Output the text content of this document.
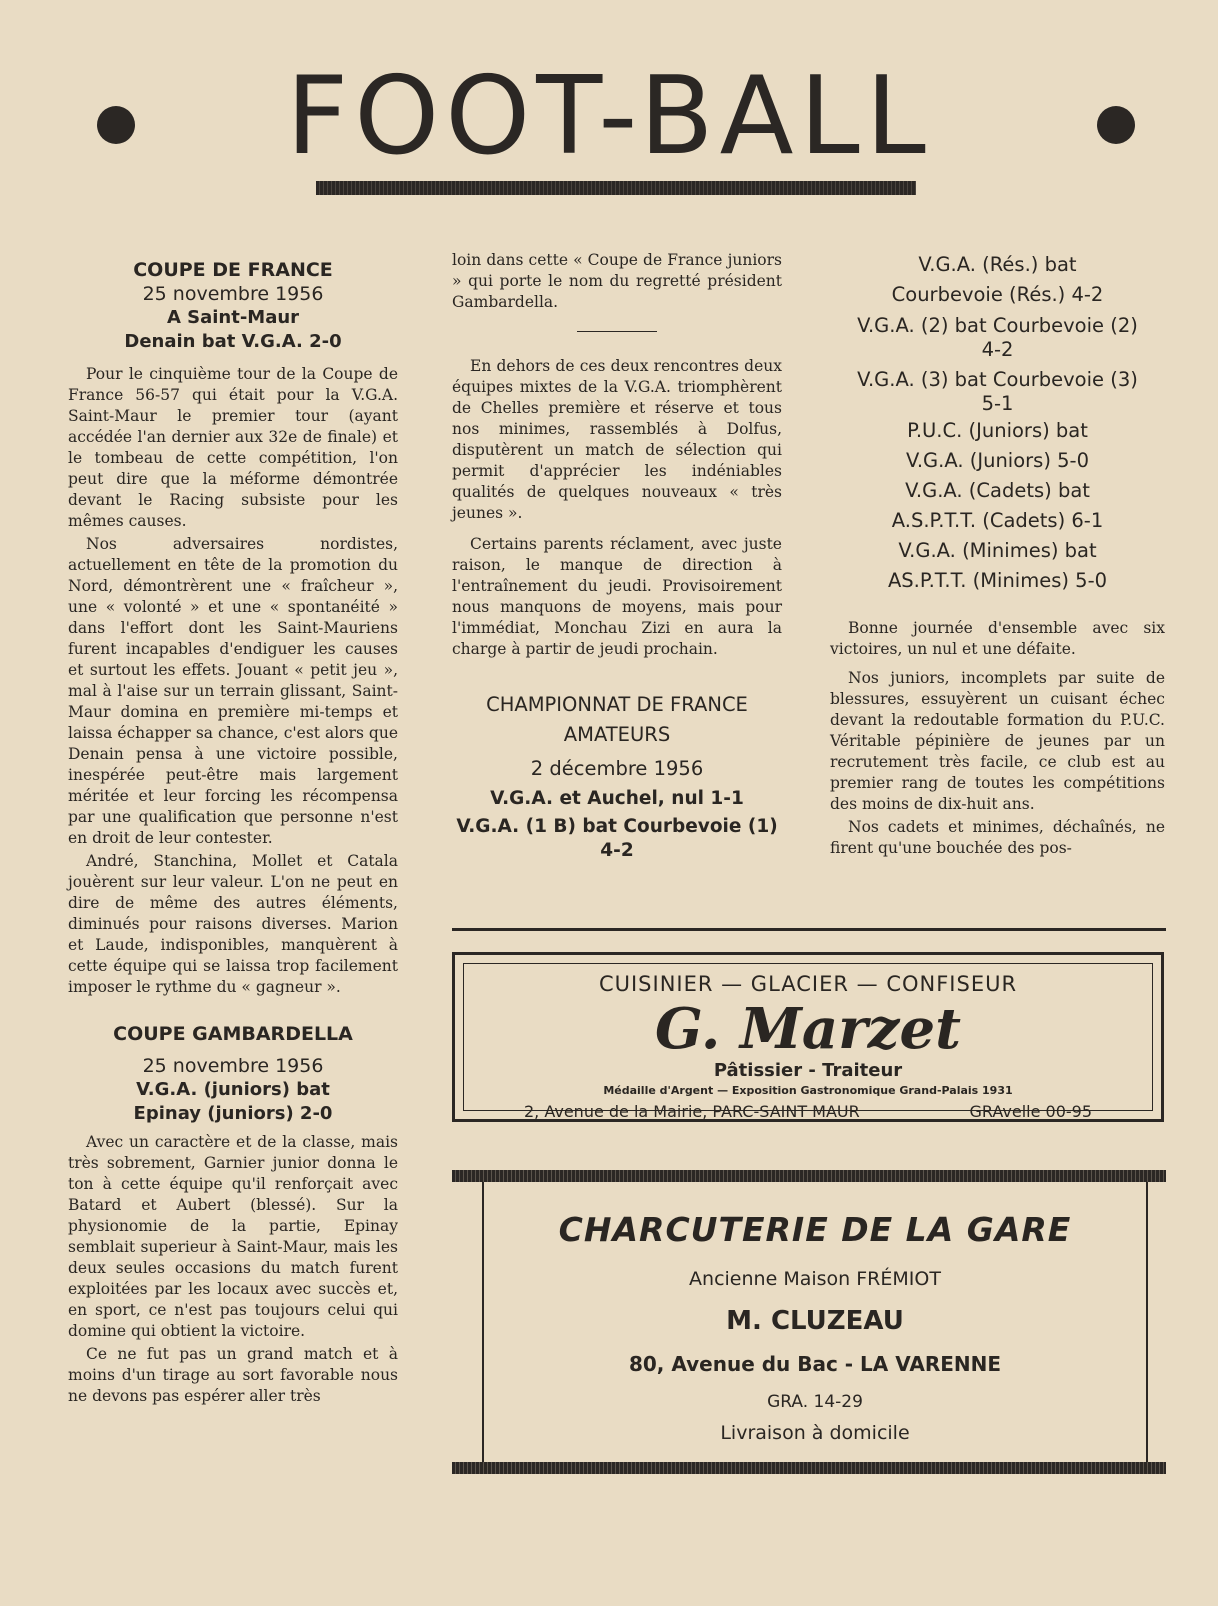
FOOT-BALL
COUPE DE FRANCE
25 novembre 1956
A Saint-Maur
Denain bat V.G.A. 2-0

Pour le cinquième tour de la Coupe de France 56-57 qui était pour la V.G.A. Saint-Maur le premier tour (ayant accédée l'an dernier aux 32e de finale) et le tombeau de cette compétition, l'on peut dire que la méforme démontrée devant le Racing subsiste pour les mêmes causes.

Nos adversaires nordistes, actuellement en tête de la promotion du Nord, démontrèrent une « fraîcheur », une « volonté » et une « spontanéité » dans l'effort dont les Saint-Mauriens furent incapables d'endiguer les causes et surtout les effets. Jouant « petit jeu », mal à l'aise sur un terrain glissant, Saint-Maur domina en première mi-temps et laissa échapper sa chance, c'est alors que Denain pensa à une victoire possible, inespérée peut-être mais largement méritée et leur forcing les récompensa par une qualification que personne n'est en droit de leur contester.

André, Stanchina, Mollet et Catala jouèrent sur leur valeur. L'on ne peut en dire de même des autres éléments, diminués pour raisons diverses. Marion et Laude, indisponibles, manquèrent à cette équipe qui se laissa trop facilement imposer le rythme du « gagneur ».

COUPE GAMBARDELLA
25 novembre 1956
V.G.A. (juniors) bat
Epinay (juniors) 2-0

Avec un caractère et de la classe, mais très sobrement, Garnier junior donna le ton à cette équipe qu'il renforçait avec Batard et Aubert (blessé). Sur la physionomie de la partie, Epinay semblait superieur à Saint-Maur, mais les deux seules occasions du match furent exploitées par les locaux avec succès et, en sport, ce n'est pas toujours celui qui domine qui obtient la victoire.

Ce ne fut pas un grand match et à moins d'un tirage au sort favorable nous ne devons pas espérer aller très

loin dans cette « Coupe de France juniors » qui porte le nom du regretté président Gambardella.

En dehors de ces deux rencontres deux équipes mixtes de la V.G.A. triomphèrent de Chelles première et réserve et tous nos minimes, rassemblés à Dolfus, disputèrent un match de sélection qui permit d'apprécier les indéniables qualités de quelques nouveaux « très jeunes ».

Certains parents réclament, avec juste raison, le manque de direction à l'entraînement du jeudi. Provisoirement nous manquons de moyens, mais pour l'immédiat, Monchau Zizi en aura la charge à partir de jeudi prochain.

CHAMPIONNAT DE FRANCE
AMATEURS
2 décembre 1956
V.G.A. et Auchel, nul 1-1
V.G.A. (1 B) bat Courbevoie (1)
4-2
V.G.A. (Rés.) bat
Courbevoie (Rés.) 4-2
V.G.A. (2) bat Courbevoie (2)
4-2
V.G.A. (3) bat Courbevoie (3)
5-1
P.U.C. (Juniors) bat
V.G.A. (Juniors) 5-0
V.G.A. (Cadets) bat
A.S.P.T.T. (Cadets) 6-1
V.G.A. (Minimes) bat
AS.P.T.T. (Minimes) 5-0

Bonne journée d'ensemble avec six victoires, un nul et une défaite.

Nos juniors, incomplets par suite de blessures, essuyèrent un cuisant échec devant la redoutable formation du P.U.C. Véritable pépinière de jeunes par un recrutement très facile, ce club est au premier rang de toutes les compétitions des moins de dix-huit ans.

Nos cadets et minimes, déchaînés, ne firent qu'une bouchée des pos-

CUISINIER — GLACIER — CONFISEUR
G. Marzet
Pâtissier - Traiteur
Médaille d'Argent — Exposition Gastronomique Grand-Palais 1931
2, Avenue de la Mairie, PARC-SAINT MAUR	GRAvelle 00-95
CHARCUTERIE DE LA GARE
Ancienne Maison FRÉMIOT
M. CLUZEAU
80, Avenue du Bac - LA VARENNE
GRA. 14-29
Livraison à domicile
